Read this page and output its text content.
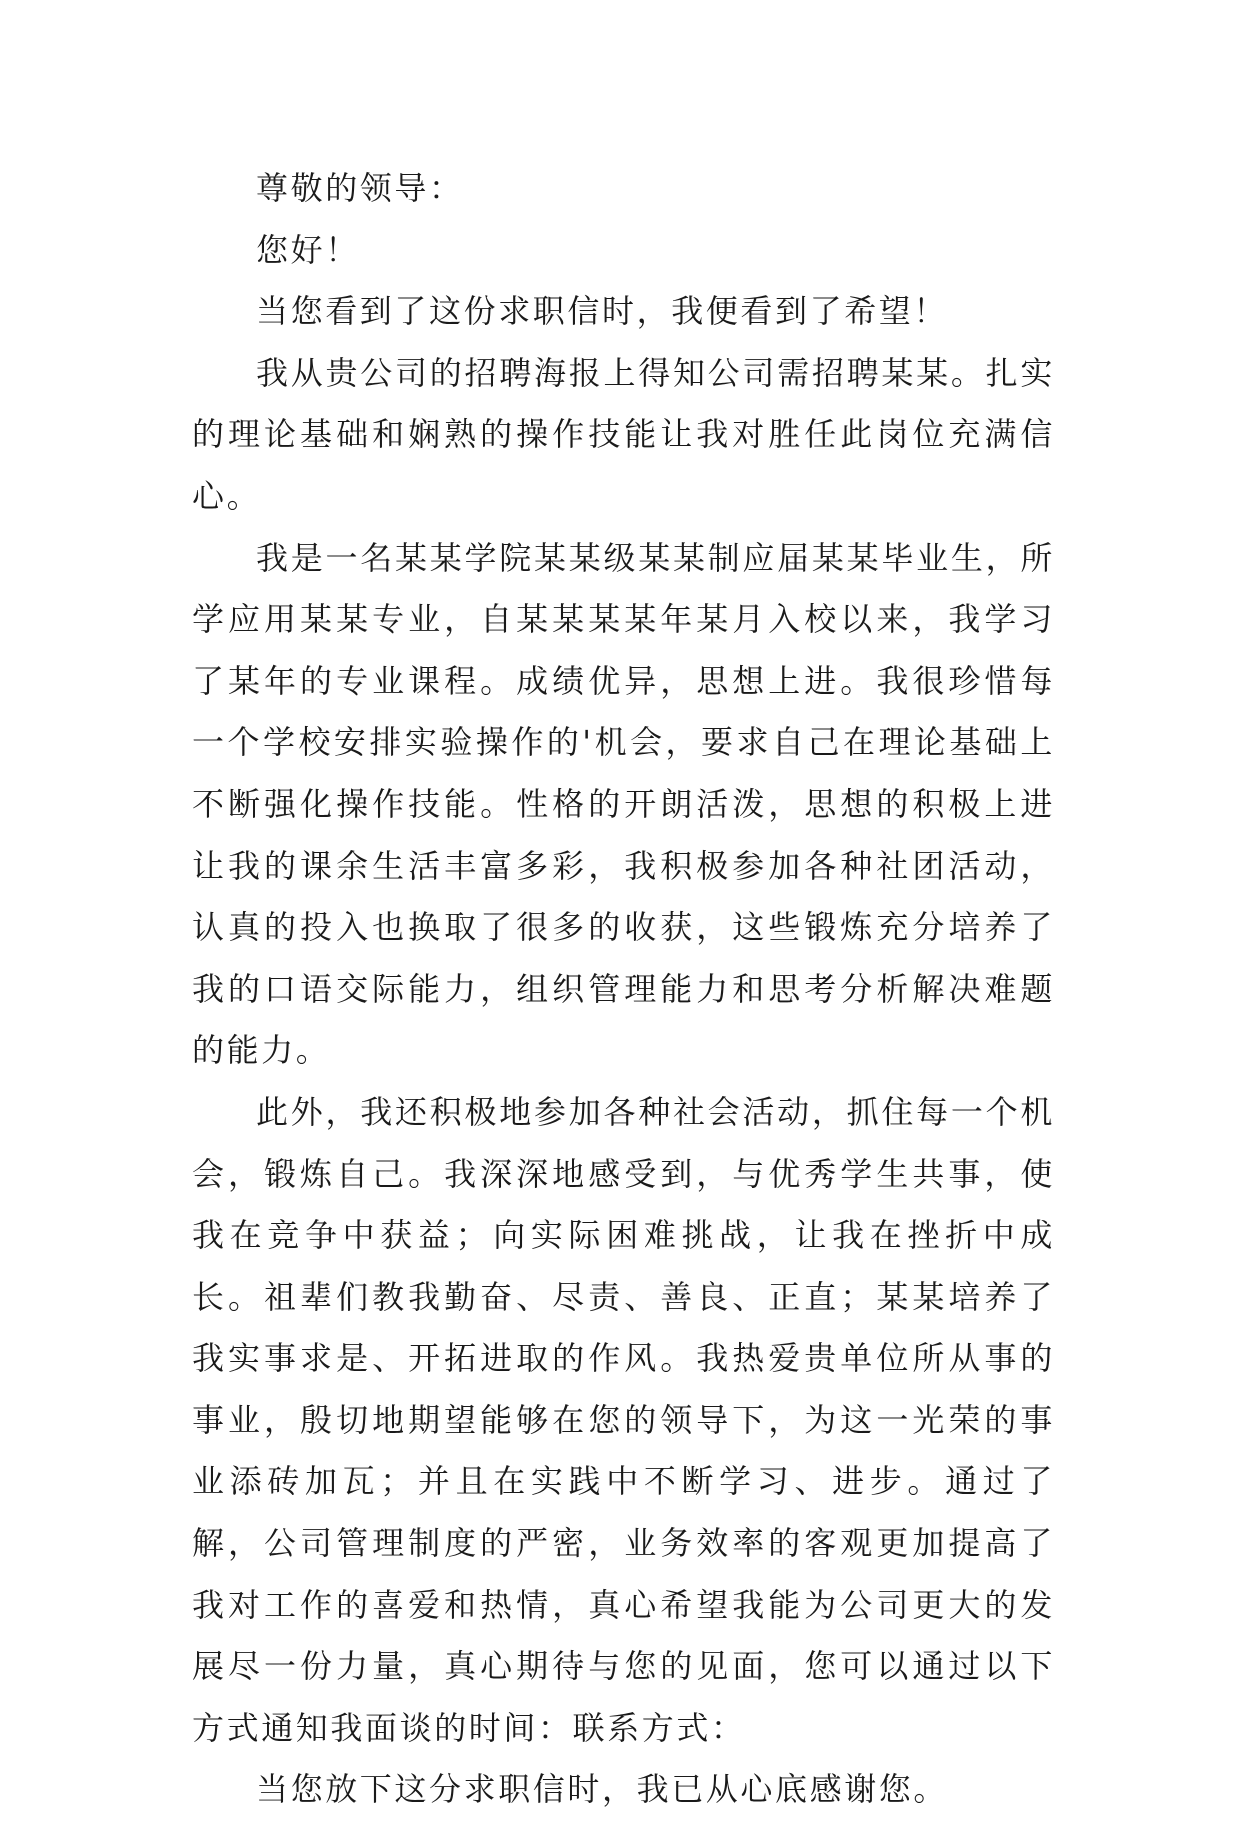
尊敬的领导：

您好！

当您看到了这份求职信时，我便看到了希望！

我从贵公司的招聘海报上得知公司需招聘某某。扎实的理论基础和娴熟的操作技能让我对胜任此岗位充满信心。

我是一名某某学院某某级某某制应届某某毕业生，所学应用某某专业，自某某某某年某月入校以来，我学习了某年的专业课程。成绩优异，思想上进。我很珍惜每一个学校安排实验操作的'机会，要求自己在理论基础上不断强化操作技能。性格的开朗活泼，思想的积极上进让我的课余生活丰富多彩，我积极参加各种社团活动，认真的投入也换取了很多的收获，这些锻炼充分培养了我的口语交际能力，组织管理能力和思考分析解决难题的能力。

此外，我还积极地参加各种社会活动，抓住每一个机会，锻炼自己。我深深地感受到，与优秀学生共事，使我在竞争中获益；向实际困难挑战，让我在挫折中成长。祖辈们教我勤奋、尽责、善良、正直；某某培养了我实事求是、开拓进取的作风。我热爱贵单位所从事的事业，殷切地期望能够在您的领导下，为这一光荣的事业添砖加瓦；并且在实践中不断学习、进步。通过了解，公司管理制度的严密，业务效率的客观更加提高了我对工作的喜爱和热情，真心希望我能为公司更大的发展尽一份力量，真心期待与您的见面，您可以通过以下方式通知我面谈的时间：联系方式：

当您放下这分求职信时，我已从心底感谢您。
